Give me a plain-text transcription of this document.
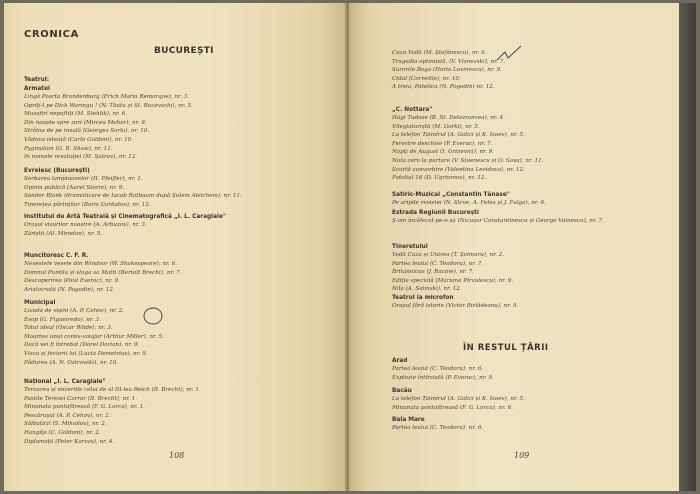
CRONICA
BUCUREȘTI
108
Teatrul:
Armatei
Lingă Poarta Brandenburg (Erich Maria Remarque), nr. 3.
Opriți-l pe Dick Waringu ! (N. Tăutu și St. Bucevschi), nr. 5.
Musafiri nepoftiți (M. Stehlik), nr. 6.
Din noapte spre zori (Mircea Mohor), nr. 9.
Străina de pe insulă (Georges Sorla), nr. 10.
Văduva isteață (Carlo Goldoni), nr. 10.
Pygmalion (G. B. Shaw), nr. 11.
In numele revoluției (M. Șatrov), nr. 12.
Evreiesc (București)
Serbarea lampioanelor (H. Pfeiffer), nr. 1.
Opinia publică (Aurel Storin), nr. 9.
Sender Blank (dramatizare de Iacob Rotbaum după Șulem Aleichem), nr. 11.
Tinerețea părinților (Boris Gorbatov), nr. 12.
Institutul de Artă Teatrală și Cinematografică „I. L. Caragiale"
Orașul visurilor noastre (A. Arbuzov), nr. 3.
Zăriștii (Al. Mirodan), nr. 5.
Muncitoresc C. F. R.
Nevestele vesele din Windsor (W. Shakespeare), nr. 6.
Domnul Puntila și sluga sa Matti (Bertolt Brecht), nr. 7.
Descoperirea (Paul Everac), nr. 9.
Aristocrații (N. Pogodin), nr. 12.
Municipal
Livada de vișini (A. P. Cehov), nr. 2.
Esop (G. Figueiredo), nr. 3.
Totul ideal (Oscar Wilde), nr. 3.
Moartea unui comis-voiajor (Arthur Miller), nr. 5.
Dacă vei fi întrebat (Dorel Dorian), nr. 9.
Viscu și feciorii lui (Lucia Demetrius), nr. 9.
Pădurea (A. N. Ostrovski), nr. 10.
Național „I. L. Caragiale"
Teroarea și mizeriile celui de al III-lea Reich (B. Brecht), nr. 1.
Pastile Terezei Carrar (B. Brecht), nr. 1.
Minunata pantofăreasă (F. G. Lorca), nr. 1.
Pescărușul (A. P. Cehov), nr. 2.
Sălbaticii (S. Mihailov), nr. 2.
Hangița (C. Goldoni), nr. 2.
Diplomații (Peter Karvaș), nr. 4.
ÎN RESTUL ȚĂRII
109
Cuza Vodă (M. Ștefănescu), nr. 6.
Tragedia optimistă, (V. Vișnevski), nr. 7.
Surorile Boga (Horia Lovinescu), nr. 9.
Cidul (Corneille), nr. 10.
A treia, Patetica (N. Pogodin) nr. 12.
„C. Nottara"
Hagi Tudose (B. St. Delavrancea), nr. 4.
Vilegiaturiștii (M. Gorki), nr. 5.
La telefon Taimîrul (A. Galici și K. Isaev), nr. 5.
Ferestre deschise (P. Everac), nr. 7.
Nopți de August (I. Grinevici), nr. 9.
Nota zero la purtare (V. Stoenescu și O. Sava), nr. 11.
Scurtă convorbire (Valentina Levidova), nr. 12.
Fotoliul 16 (D. Ugriumov), nr. 12.
Satiric-Muzical „Constantin Tănase"
Pe aripile revistei (N. Stroe, A. Felea și J. Fulga), nr. 6.
Estrada Regiunii București
Ș-am încălecat pe-o șa (Nicușor Constantinescu și George Voinescu), nr. 7.
Tineretului
Vodă Cuza și Unirea (T. Șoimaru), nr. 2.
Partea leului (C. Teodoru), nr. 7.
Britannicus (J. Racine), nr. 7.
Ediție specială (Mariana Pîrvulescu), nr. 9.
Nila (A. Salinski), nr. 12.
Teatrul la microfon
Orașul fără istorie (Victor Birlădeanu), nr. 9.
Arad
Partea leului (C. Teodoru), nr. 6.
Explozie întîrziată (P. Everac), nr. 9.
Bacău
La telefon Taimîrul (A. Galici și K. Isaev), nr. 5.
Minunata pantofăreasă (F. G. Lorca), nr. 6.
Baia Mare
Partea leului (C. Teodoru), nr. 6.
